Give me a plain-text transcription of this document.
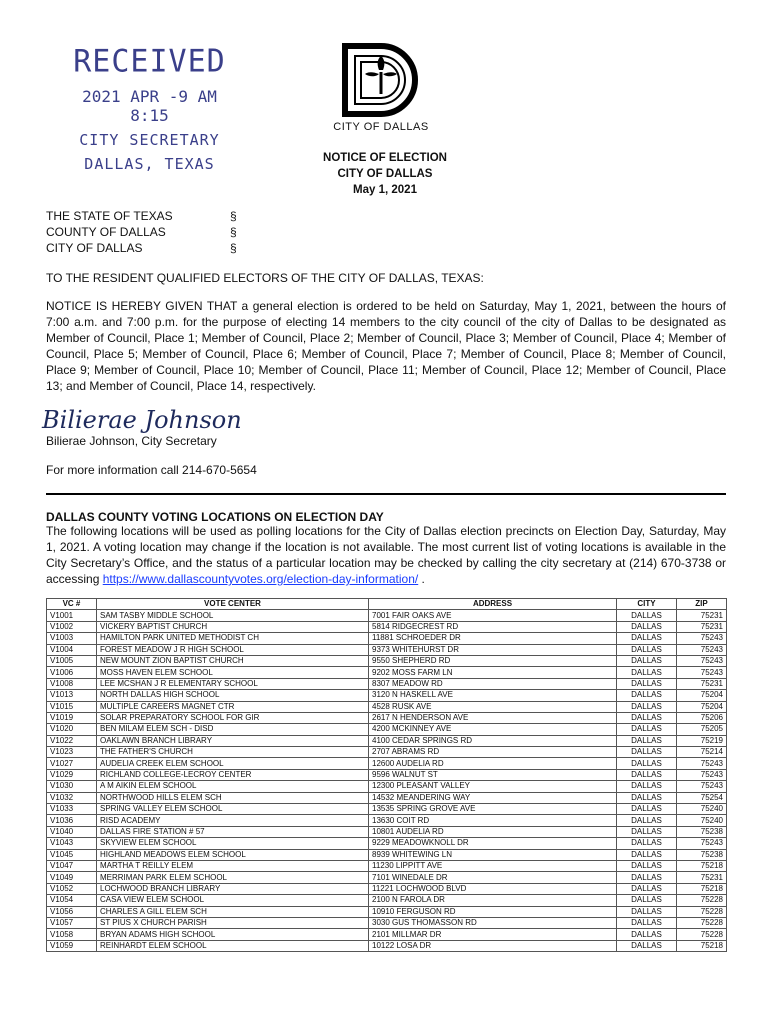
RECEIVED
2021 APR -9 AM 8:15
CITY SECRETARY
DALLAS, TEXAS
CITY OF DALLAS
NOTICE OF ELECTION
CITY OF DALLAS
May 1, 2021
THE STATE OF TEXAS	§
COUNTY OF DALLAS	§
CITY OF DALLAS	§
TO THE RESIDENT QUALIFIED ELECTORS OF THE CITY OF DALLAS, TEXAS:
NOTICE IS HEREBY GIVEN THAT a general election is ordered to be held on Saturday, May 1, 2021, between the hours of 7:00 a.m. and 7:00 p.m. for the purpose of electing 14 members to the city council of the city of Dallas to be designated as Member of Council, Place 1; Member of Council, Place 2; Member of Council, Place 3; Member of Council, Place 4; Member of Council, Place 5; Member of Council, Place 6; Member of Council, Place 7; Member of Council, Place 8; Member of Council, Place 9; Member of Council, Place 10; Member of Council, Place 11; Member of Council, Place 12; Member of Council, Place 13; and Member of Council, Place 14, respectively.
Bilierae Johnson
Bilierae Johnson, City Secretary
For more information call 214-670-5654
DALLAS COUNTY VOTING LOCATIONS ON ELECTION DAY
The following locations will be used as polling locations for the City of Dallas election precincts on Election Day, Saturday, May 1, 2021. A voting location may change if the location is not available. The most current list of voting locations is available in the City Secretary’s Office, and the status of a particular location may be checked by calling the city secretary at (214) 670-3738 or accessing https://www.dallascountyvotes.org/election-day-information/ .
VC #	VOTE CENTER	ADDRESS	CITY	ZIP
V1001	SAM TASBY MIDDLE SCHOOL	7001 FAIR OAKS AVE	DALLAS	75231
V1002	VICKERY BAPTIST CHURCH	5814 RIDGECREST RD	DALLAS	75231
V1003	HAMILTON PARK UNITED METHODIST CH	11881 SCHROEDER DR	DALLAS	75243
V1004	FOREST MEADOW J R HIGH SCHOOL	9373 WHITEHURST DR	DALLAS	75243
V1005	NEW MOUNT ZION BAPTIST CHURCH	9550 SHEPHERD RD	DALLAS	75243
V1006	MOSS HAVEN ELEM SCHOOL	9202 MOSS FARM LN	DALLAS	75243
V1008	LEE MCSHAN J R ELEMENTARY SCHOOL	8307 MEADOW RD	DALLAS	75231
V1013	NORTH DALLAS HIGH SCHOOL	3120 N HASKELL AVE	DALLAS	75204
V1015	MULTIPLE CAREERS MAGNET CTR	4528 RUSK AVE	DALLAS	75204
V1019	SOLAR PREPARATORY SCHOOL FOR GIR	2617 N HENDERSON AVE	DALLAS	75206
V1020	BEN MILAM ELEM SCH - DISD	4200 MCKINNEY AVE	DALLAS	75205
V1022	OAKLAWN BRANCH LIBRARY	4100 CEDAR SPRINGS RD	DALLAS	75219
V1023	THE FATHER'S CHURCH	2707 ABRAMS RD	DALLAS	75214
V1027	AUDELIA CREEK ELEM SCHOOL	12600 AUDELIA RD	DALLAS	75243
V1029	RICHLAND COLLEGE-LECROY CENTER	9596 WALNUT ST	DALLAS	75243
V1030	A M AIKIN ELEM SCHOOL	12300 PLEASANT VALLEY	DALLAS	75243
V1032	NORTHWOOD HILLS ELEM SCH	14532 MEANDERING WAY	DALLAS	75254
V1033	SPRING VALLEY ELEM SCHOOL	13535 SPRING GROVE AVE	DALLAS	75240
V1036	RISD ACADEMY	13630 COIT RD	DALLAS	75240
V1040	DALLAS FIRE STATION # 57	10801 AUDELIA RD	DALLAS	75238
V1043	SKYVIEW ELEM SCHOOL	9229 MEADOWKNOLL DR	DALLAS	75243
V1045	HIGHLAND MEADOWS ELEM SCHOOL	8939 WHITEWING LN	DALLAS	75238
V1047	MARTHA T REILLY ELEM	11230 LIPPITT AVE	DALLAS	75218
V1049	MERRIMAN PARK ELEM SCHOOL	7101 WINEDALE DR	DALLAS	75231
V1052	LOCHWOOD BRANCH LIBRARY	11221 LOCHWOOD BLVD	DALLAS	75218
V1054	CASA VIEW ELEM SCHOOL	2100 N FAROLA DR	DALLAS	75228
V1056	CHARLES A GILL ELEM SCH	10910 FERGUSON RD	DALLAS	75228
V1057	ST PIUS X CHURCH PARISH	3030 GUS THOMASSON RD	DALLAS	75228
V1058	BRYAN ADAMS HIGH SCHOOL	2101 MILLMAR DR	DALLAS	75228
V1059	REINHARDT ELEM SCHOOL	10122 LOSA DR	DALLAS	75218
